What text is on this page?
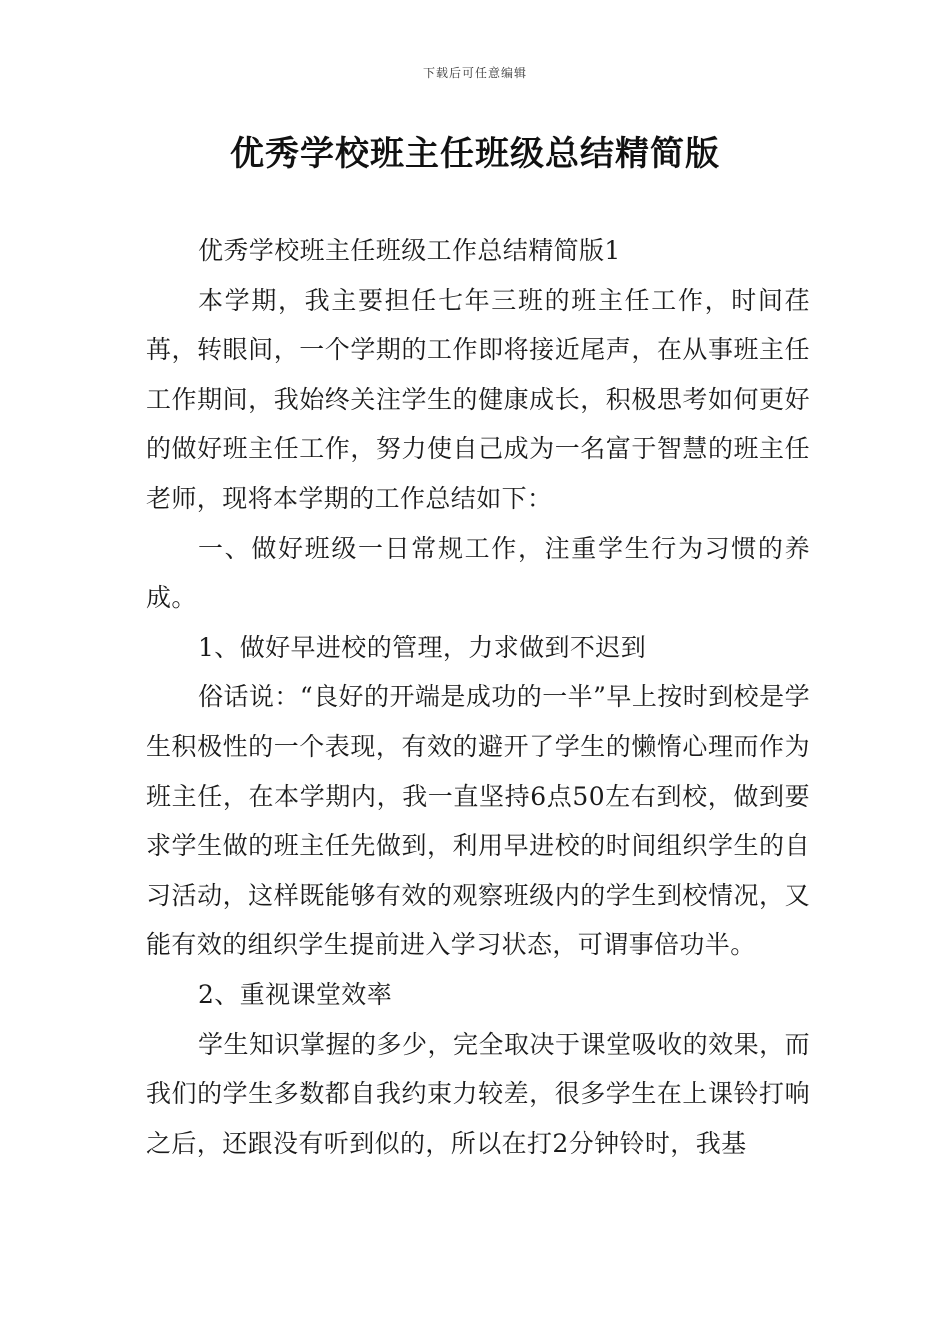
下载后可任意编辑
优秀学校班主任班级总结精简版

优秀学校班主任班级工作总结精简版1

本学期，我主要担任七年三班的班主任工作，时间荏苒，转眼间，一个学期的工作即将接近尾声，在从事班主任工作期间，我始终关注学生的健康成长，积极思考如何更好的做好班主任工作，努力使自己成为一名富于智慧的班主任老师，现将本学期的工作总结如下：

一、做好班级一日常规工作，注重学生行为习惯的养成。

1、做好早进校的管理，力求做到不迟到

俗话说：“良好的开端是成功的一半”早上按时到校是学生积极性的一个表现，有效的避开了学生的懒惰心理而作为班主任，在本学期内，我一直坚持6点50左右到校，做到要求学生做的班主任先做到，利用早进校的时间组织学生的自习活动，这样既能够有效的观察班级内的学生到校情况，又能有效的组织学生提前进入学习状态，可谓事倍功半。

2、重视课堂效率

学生知识掌握的多少，完全取决于课堂吸收的效果，而我们的学生多数都自我约束力较差，很多学生在上课铃打响之后，还跟没有听到似的，所以在打2分钟铃时，我基
